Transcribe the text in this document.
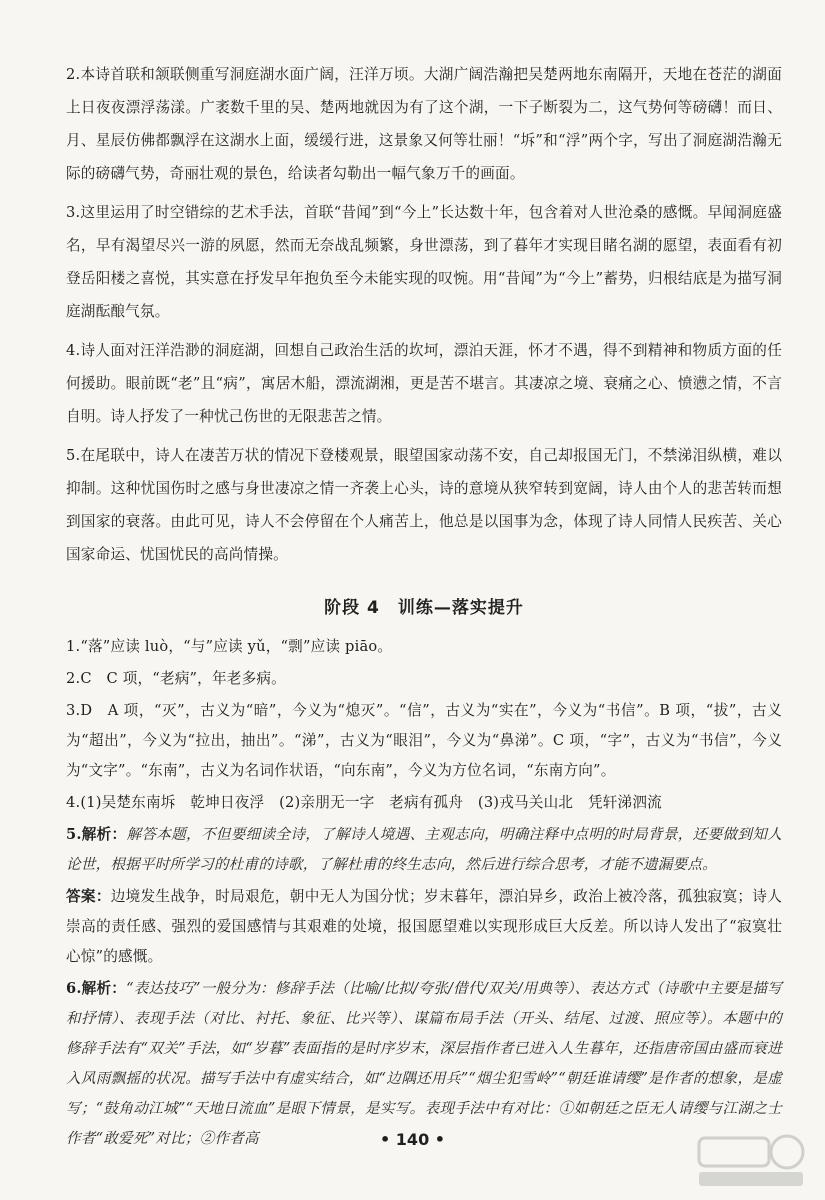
2.本诗首联和颔联侧重写洞庭湖水面广阔，汪洋万顷。大湖广阔浩瀚把吴楚两地东南隔开，天地在苍茫的湖面上日夜夜漂浮荡漾。广袤数千里的吴、楚两地就因为有了这个湖，一下子断裂为二，这气势何等磅礴！而日、月、星辰仿佛都飘浮在这湖水上面，缓缓行进，这景象又何等壮丽！“坼”和“浮”两个字，写出了洞庭湖浩瀚无际的磅礴气势，奇丽壮观的景色，给读者勾勒出一幅气象万千的画面。

3.这里运用了时空错综的艺术手法，首联“昔闻”到“今上”长达数十年，包含着对人世沧桑的感慨。早闻洞庭盛名，早有渴望尽兴一游的夙愿，然而无奈战乱频繁，身世漂荡，到了暮年才实现目睹名湖的愿望，表面看有初登岳阳楼之喜悦，其实意在抒发早年抱负至今未能实现的叹惋。用“昔闻”为“今上”蓄势，归根结底是为描写洞庭湖酝酿气氛。

4.诗人面对汪洋浩渺的洞庭湖，回想自己政治生活的坎坷，漂泊天涯，怀才不遇，得不到精神和物质方面的任何援助。眼前既“老”且“病”，寓居木船，漂流湖湘，更是苦不堪言。其凄凉之境、衰痛之心、愤懑之情，不言自明。诗人抒发了一种忧己伤世的无限悲苦之情。

5.在尾联中，诗人在凄苦万状的情况下登楼观景，眼望国家动荡不安，自己却报国无门，不禁涕泪纵横，难以抑制。这种忧国伤时之感与身世凄凉之情一齐袭上心头，诗的意境从狭窄转到宽阔，诗人由个人的悲苦转而想到国家的衰落。由此可见，诗人不会停留在个人痛苦上，他总是以国事为念，体现了诗人同情人民疾苦、关心国家命运、忧国忧民的高尚情操。

阶段 4 训练—落实提升

1.“落”应读 luò，“与”应读 yǔ，“剽”应读 piāo。

2.C　C 项，“老病”，年老多病。

3.D　A 项，“灭”，古义为“暗”，今义为“熄灭”。“信”，古义为“实在”，今义为“书信”。B 项，“拔”，古义为“超出”，今义为“拉出，抽出”。“涕”，古义为“眼泪”，今义为“鼻涕”。C 项，“字”，古义为“书信”，今义为“文字”。“东南”，古义为名词作状语，“向东南”，今义为方位名词，“东南方向”。

4.(1)吴楚东南坼　乾坤日夜浮　(2)亲朋无一字　老病有孤舟　(3)戎马关山北　凭轩涕泗流

5.解析：解答本题，不但要细读全诗，了解诗人境遇、主观志向，明确注释中点明的时局背景，还要做到知人论世，根据平时所学习的杜甫的诗歌，了解杜甫的终生志向，然后进行综合思考，才能不遗漏要点。

答案：边境发生战争，时局艰危，朝中无人为国分忧；岁末暮年，漂泊异乡，政治上被冷落，孤独寂寞；诗人崇高的责任感、强烈的爱国感情与其艰难的处境，报国愿望难以实现形成巨大反差。所以诗人发出了“寂寞壮心惊”的感慨。

6.解析：“表达技巧”一般分为：修辞手法（比喻/比拟/夸张/借代/双关/用典等）、表达方式（诗歌中主要是描写和抒情）、表现手法（对比、衬托、象征、比兴等）、谋篇布局手法（开头、结尾、过渡、照应等）。本题中的修辞手法有“双关”手法，如“岁暮”表面指的是时序岁末，深层指作者已进入人生暮年，还指唐帝国由盛而衰进入风雨飘摇的状况。描写手法中有虚实结合，如“边隅还用兵”“烟尘犯雪岭”“朝廷谁请缨”是作者的想象，是虚写；“鼓角动江城”“天地日流血”是眼下情景，是实写。表现手法中有对比：①如朝廷之臣无人请缨与江湖之士作者“敢爱死”对比；②作者高	• 140 •
